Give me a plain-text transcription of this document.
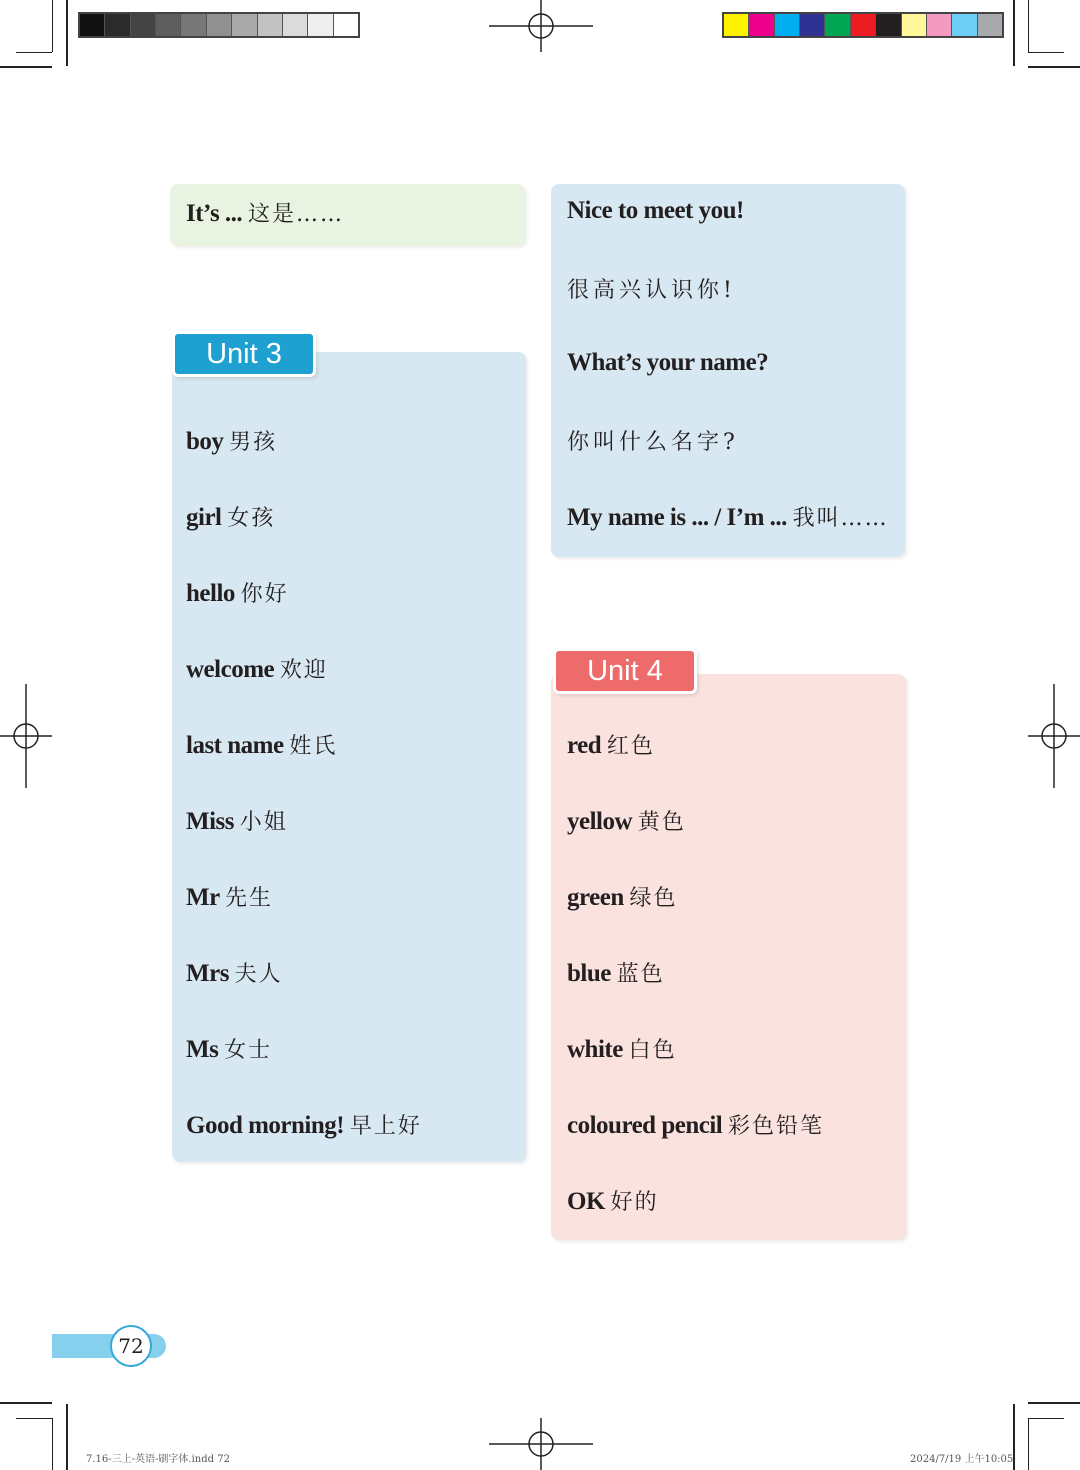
It’s ... 这是……	Nice to meet you!
很高兴认识你!
What’s your name?
你叫什么名字?
My name is ... / I’m ... 我叫……
Unit 3
boy 男孩
girl 女孩
hello 你好
welcome 欢迎
last name 姓氏
Miss 小姐
Mr 先生
Mrs 夫人
Ms 女士
Good morning! 早上好
Unit 4
red 红色
yellow 黄色
green 绿色
blue 蓝色
white 白色
coloured pencil 彩色铅笔
OK 好的
72
7.16-三上-英语-刷字体.indd 72	2024/7/19 上午10:05
